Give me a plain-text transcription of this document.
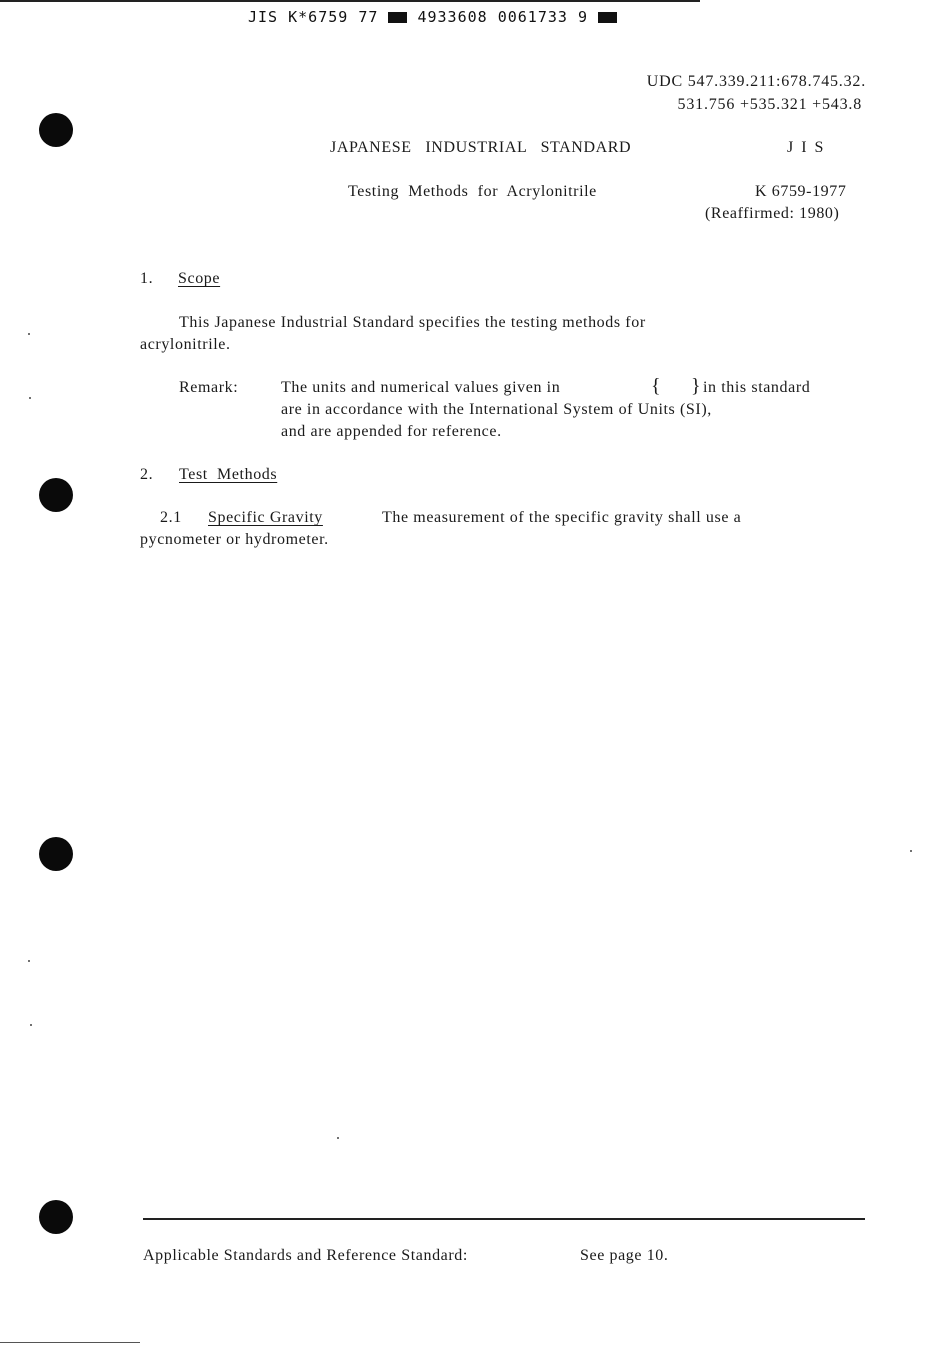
JIS K*6759 77	4933608 0061733 9
UDC 547.339.211:678.745.32.
531.756 +535.321 +543.8
JAPANESE   INDUSTRIAL   STANDARD	J I S
Testing  Methods  for  Acrylonitrile	K 6759-1977
(Reaffirmed: 1980)
1. Scope
This Japanese Industrial Standard specifies the testing methods for
acrylonitrile.
Remark:	The units and numerical values given in	{ } in this standard
are in accordance with the International System of Units (SI),
and are appended for reference.
2. Test  Methods
2.1 Specific Gravity	The measurement of the specific gravity shall use a
pycnometer or hydrometer.
Applicable Standards and Reference Standard:	See page 10.
